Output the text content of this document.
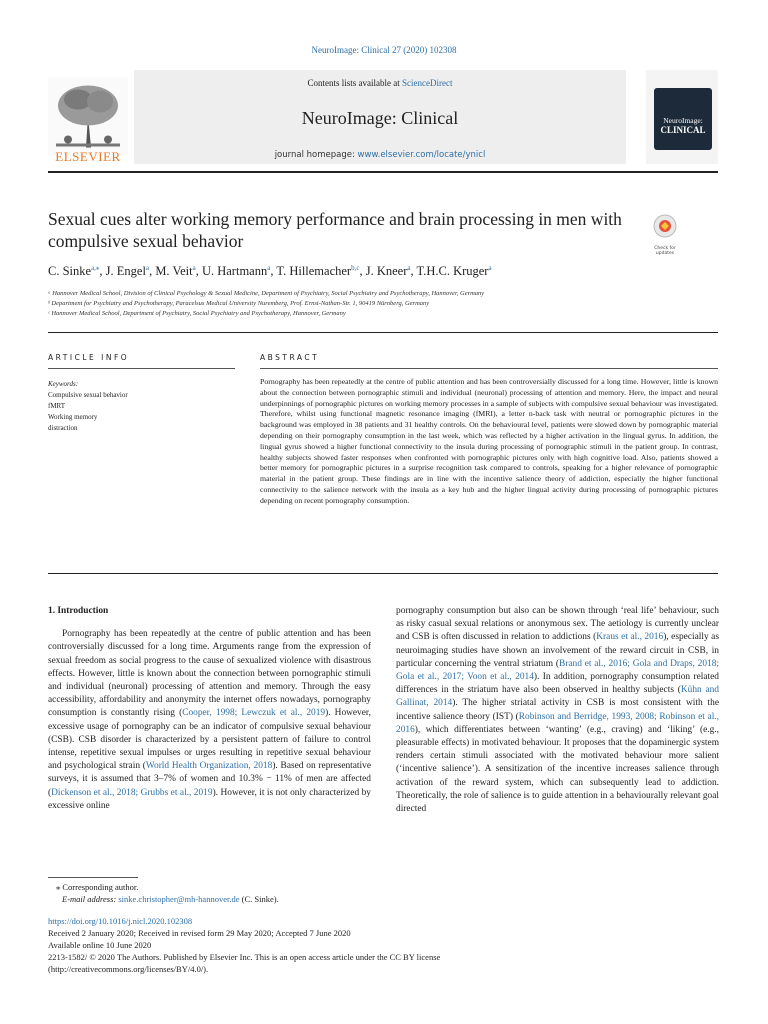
NeuroImage: Clinical 27 (2020) 102308
ELSEVIER
Contents lists available at ScienceDirect
NeuroImage: Clinical
journal homepage: www.elsevier.com/locate/ynicl
NeuroImage:
CLINICAL
Sexual cues alter working memory performance and brain processing in men with compulsive sexual behavior	Check for
updates
C. Sinke$^{a,⁎}$, J. Engel$^a$, M. Veit$^a$, U. Hartmann$^a$, T. Hillemacher$^{b,c}$, J. Kneer$^a$, T.H.C. Kruger$^a$
ᵃ Hannover Medical School, Division of Clinical Psychology & Sexual Medicine, Department of Psychiatry, Social Psychiatry and Psychotherapy, Hannover, Germany
ᵇ Department for Psychiatry and Psychotherapy, Paracelsus Medical University Nuremberg, Prof. Ernst-Nathan-Str. 1, 90419 Nürnberg, Germany
ᶜ Hannover Medical School, Department of Psychiatry, Social Psychiatry and Psychotherapy, Hannover, Germany
ARTICLE INFO
Keywords:
Compulsive sexual behavior
fMRT
Working memory
distraction
ABSTRACT
Pornography has been repeatedly at the centre of public attention and has been controversially discussed for a long time. However, little is known about the connection between pornographic stimuli and individual (neuronal) processing of attention and memory. Here, the impact and neural underpinnings of pornographic pictures on working memory processes in a sample of subjects with compulsive sexual behaviour was investigated. Therefore, whilst using functional magnetic resonance imaging (fMRI), a letter n-back task with neutral or pornographic pictures in the background was employed in 38 patients and 31 healthy controls. On the behavioural level, patients were slowed down by pornographic material depending on their pornography consumption in the last week, which was reflected by a higher activation in the lingual gyrus. In addition, the lingual gyrus showed a higher functional connectivity to the insula during processing of pornographic stimuli in the patient group. In contrast, healthy subjects showed faster responses when confronted with pornographic pictures only with high cognitive load. Also, patients showed a better memory for pornographic pictures in a surprise recognition task compared to controls, speaking for a higher relevance of pornographic material in the patient group. These findings are in line with the incentive salience theory of addiction, especially the higher functional connectivity to the salience network with the insula as a key hub and the higher lingual activity during processing of pornographic pictures depending on recent pornography consumption.
1. Introduction

Pornography has been repeatedly at the centre of public attention and has been controversially discussed for a long time. Arguments range from the expression of sexual freedom as social progress to the cause of sexualized violence with disastrous effects. However, little is known about the connection between pornographic stimuli and individual (neuronal) processing of attention and memory. Through the easy accessibility, affordability and anonymity the internet offers nowadays, pornography consumption is constantly rising (Cooper, 1998; Lewczuk et al., 2019). However, excessive usage of pornography can be an indicator of compulsive sexual behaviour (CSB). CSB disorder is characterized by a persistent pattern of failure to control intense, repetitive sexual impulses or urges resulting in repetitive sexual behaviour and psychological strain (World Health Organization, 2018). Based on representative surveys, it is assumed that 3–7% of women and 10.3% − 11% of men are affected (Dickenson et al., 2018; Grubbs et al., 2019). However, it is not only characterized by excessive online

pornography consumption but also can be shown through ‘real life’ behaviour, such as risky casual sexual relations or anonymous sex. The aetiology is currently unclear and CSB is often discussed in relation to addictions (Kraus et al., 2016), especially as neuroimaging studies have shown an involvement of the reward circuit in CSB, in particular concerning the ventral striatum (Brand et al., 2016; Gola and Draps, 2018; Gola et al., 2017; Voon et al., 2014). In addition, pornography consumption related differences in the striatum have also been observed in healthy subjects (Kühn and Gallinat, 2014). The higher striatal activity in CSB is most consistent with the incentive salience theory (IST) (Robinson and Berridge, 1993, 2008; Robinson et al., 2016), which differentiates between ‘wanting’ (e.g., craving) and ‘liking’ (e.g., pleasurable effects) in motivated behaviour. It proposes that the dopaminergic system renders certain stimuli associated with the motivated behaviour more salient (‘incentive salience’). A sensitization of the incentive increases salience through activation of the reward system, which can subsequently lead to addiction. Theoretically, the role of salience is to guide attention in a behaviourally relevant goal directed

⁎ Corresponding author.
E-mail address: sinke.christopher@mh-hannover.de (C. Sinke).
https://doi.org/10.1016/j.nicl.2020.102308
Received 2 January 2020; Received in revised form 29 May 2020; Accepted 7 June 2020
Available online 10 June 2020
2213-1582/ © 2020 The Authors. Published by Elsevier Inc. This is an open access article under the CC BY license
(http://creativecommons.org/licenses/BY/4.0/).
